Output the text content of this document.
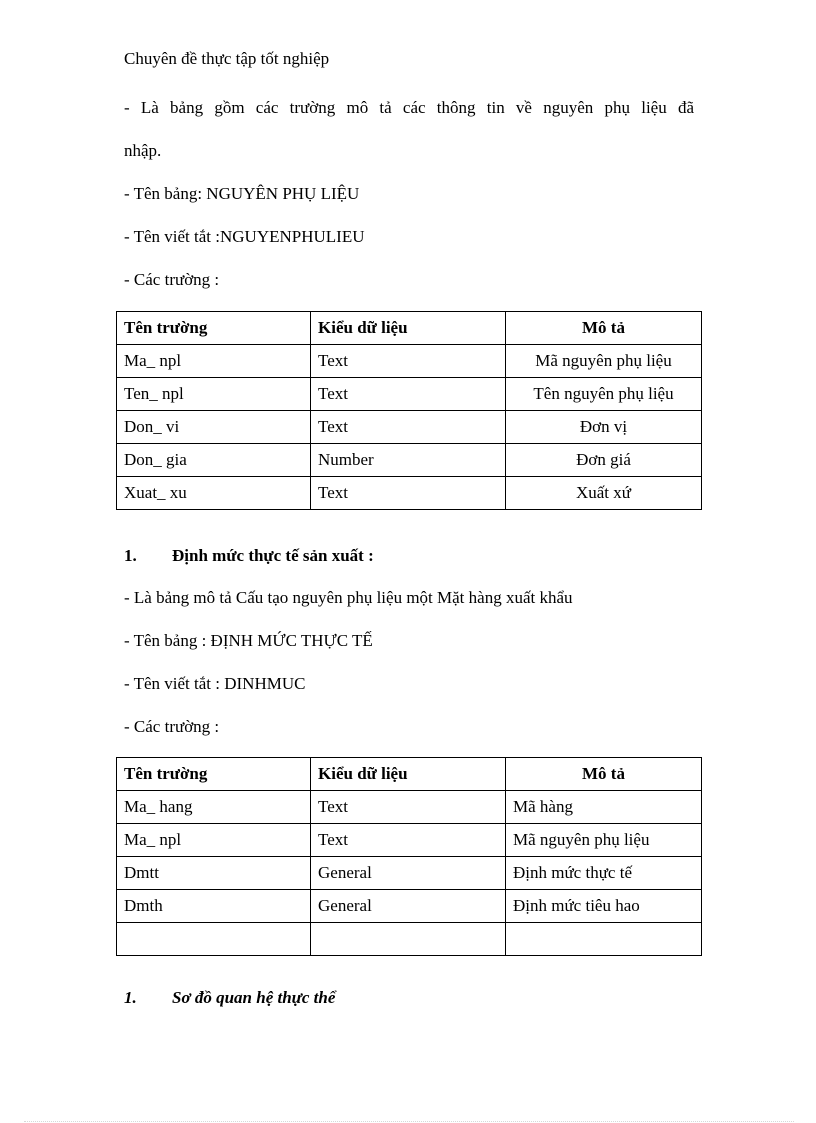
Chuyên đề thực tập tốt nghiệp
- Là bảng gồm các trường mô tả các thông tin về nguyên phụ liệu đã
nhập.
- Tên bảng: NGUYÊN PHỤ LIỆU
- Tên viết tắt :NGUYENPHULIEU
- Các trường :
Tên trường	Kiểu dữ liệu	Mô tả
Ma_ npl	Text	Mã nguyên phụ liệu
Ten_ npl	Text	Tên nguyên phụ liệu
Don_ vi	Text	Đơn vị
Don_ gia	Number	Đơn giá
Xuat_ xu	Text	Xuất xứ
1. Định mức thực tế sản xuất :
- Là bảng mô tả Cấu tạo nguyên phụ liệu một Mặt hàng xuất khẩu
- Tên bảng : ĐỊNH MỨC THỰC TẾ
- Tên viết tắt : DINHMUC
- Các trường :
Tên trường	Kiểu dữ liệu	Mô tả
Ma_ hang	Text	Mã hàng
Ma_ npl	Text	Mã nguyên phụ liệu
Dmtt	General	Định mức thực tế
Dmth	General	Định mức tiêu hao

1. Sơ đồ quan hệ thực thể
